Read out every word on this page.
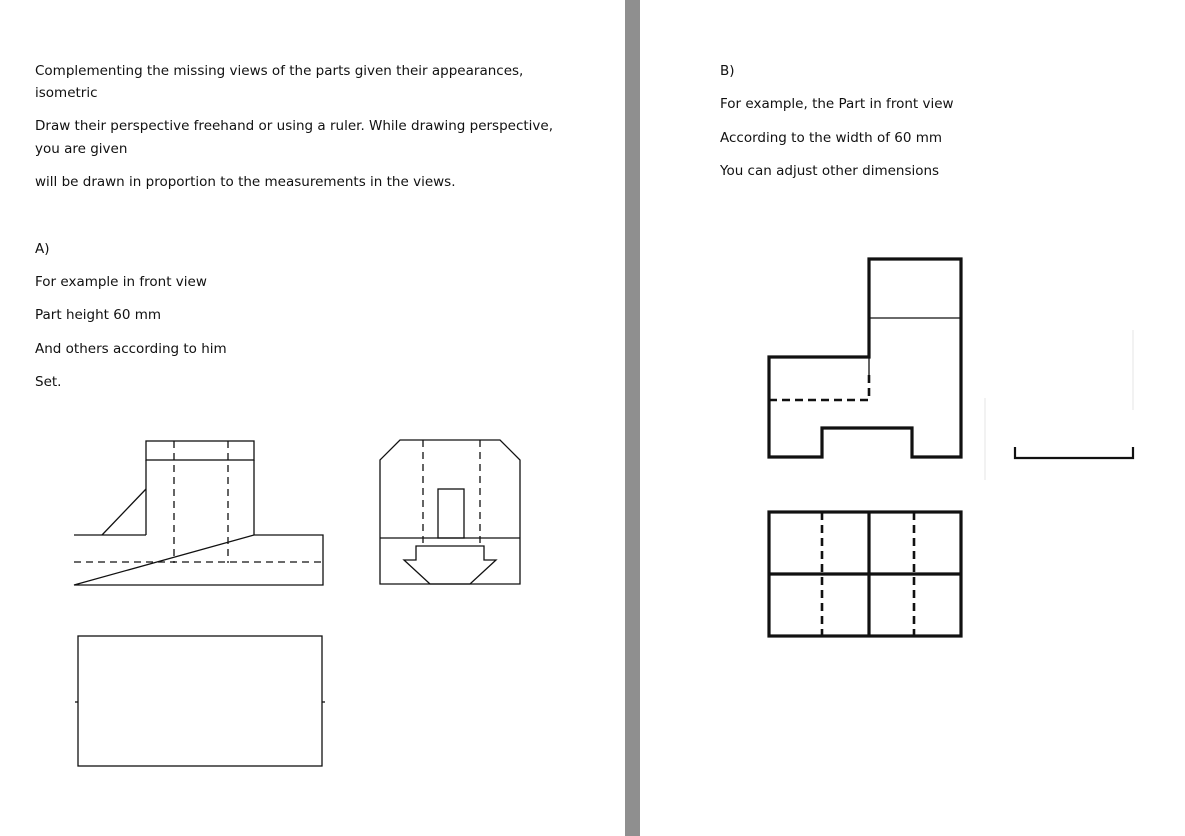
Complementing the missing views of the parts given their appearances,
isometric
Draw their perspective freehand or using a ruler. While drawing perspective,
you are given
will be drawn in proportion to the measurements in the views.
A)
For example in front view
Part height 60 mm
And others according to him
Set.
B)
For example, the Part in front view
According to the width of 60 mm
You can adjust other dimensions
